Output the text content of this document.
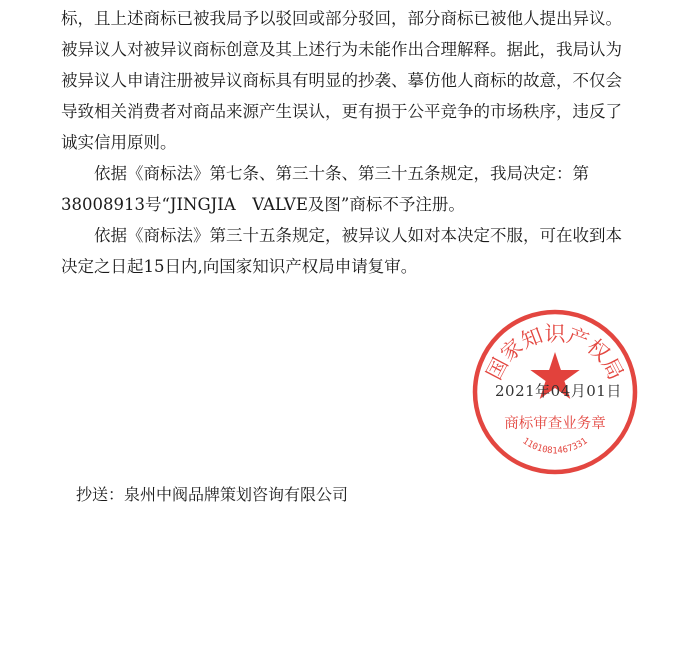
标，且上述商标已被我局予以驳回或部分驳回，部分商标已被他人提出异议。
被异议人对被异议商标创意及其上述行为未能作出合理解释。据此，我局认为
被异议人申请注册被异议商标具有明显的抄袭、摹仿他人商标的故意，不仅会
导致相关消费者对商品来源产生误认，更有损于公平竞争的市场秩序，违反了
诚实信用原则。

　　依据《商标法》第七条、第三十条、第三十五条规定，我局决定：第
38008913号“JINGJIA　VALVE及图”商标不予注册。

　　依据《商标法》第三十五条规定，被异议人如对本决定不服，可在收到本
决定之日起15日内,向国家知识产权局申请复审。

国家知识产权局
商标审查业务章
1101081467331
2021年04月01日
抄送：泉州中阀品牌策划咨询有限公司
